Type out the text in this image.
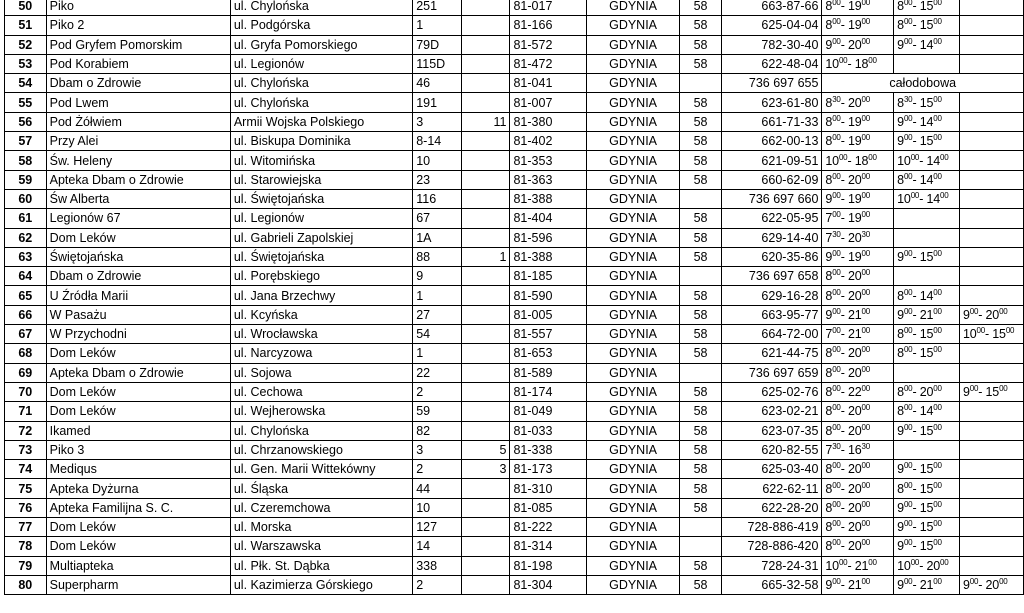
50	Piko	ul. Chylońska	251		81-017	GDYNIA	58	663-87-66	$8^{00}-$ $19^{00}$	$8^{00}-$ $15^{00}$	
51	Piko 2	ul. Podgórska	1		81-166	GDYNIA	58	625-04-04	$8^{00}-$ $19^{00}$	$8^{00}-$ $15^{00}$	
52	Pod Gryfem Pomorskim	ul. Gryfa Pomorskiego	79D		81-572	GDYNIA	58	782-30-40	$9^{00}-$ $20^{00}$	$9^{00}-$ $14^{00}$	
53	Pod Korabiem	ul. Legionów	115D		81-472	GDYNIA	58	622-48-04	$10^{00}-$ $18^{00}$		
54	Dbam o Zdrowie	ul. Chylońska	46		81-041	GDYNIA		736 697 655	całodobowa		
55	Pod Lwem	ul. Chylońska	191		81-007	GDYNIA	58	623-61-80	$8^{30}-$ $20^{00}$	$8^{30}-$ $15^{00}$	
56	Pod Żółwiem	Armii Wojska Polskiego	3	11	81-380	GDYNIA	58	661-71-33	$8^{00}-$ $19^{00}$	$9^{00}-$ $14^{00}$	
57	Przy Alei	ul. Biskupa Dominika	8-14		81-402	GDYNIA	58	662-00-13	$8^{00}-$ $19^{00}$	$9^{00}-$ $15^{00}$	
58	Św. Heleny	ul. Witomińska	10		81-353	GDYNIA	58	621-09-51	$10^{00}-$ $18^{00}$	$10^{00}-$ $14^{00}$	
59	Apteka Dbam o Zdrowie	ul. Starowiejska	23		81-363	GDYNIA	58	660-62-09	$8^{00}-$ $20^{00}$	$8^{00}-$ $14^{00}$	
60	Św Alberta	ul. Świętojańska	116		81-388	GDYNIA		736 697 660	$9^{00}-$ $19^{00}$	$10^{00}-$ $14^{00}$	
61	Legionów 67	ul. Legionów	67		81-404	GDYNIA	58	622-05-95	$7^{00}-$ $19^{00}$		
62	Dom Leków	ul. Gabrieli Zapolskiej	1A		81-596	GDYNIA	58	629-14-40	$7^{30}-$ $20^{30}$		
63	Świętojańska	ul. Świętojańska	88	1	81-388	GDYNIA	58	620-35-86	$9^{00}-$ $19^{00}$	$9^{00}-$ $15^{00}$	
64	Dbam o Zdrowie	ul. Porębskiego	9		81-185	GDYNIA		736 697 658	$8^{00}-$ $20^{00}$		
65	U Źródła Marii	ul. Jana Brzechwy	1		81-590	GDYNIA	58	629-16-28	$8^{00}-$ $20^{00}$	$8^{00}-$ $14^{00}$	
66	W Pasażu	ul. Kcyńska	27		81-005	GDYNIA	58	663-95-77	$9^{00}-$ $21^{00}$	$9^{00}-$ $21^{00}$	$9^{00}-$ $20^{00}$
67	W Przychodni	ul. Wrocławska	54		81-557	GDYNIA	58	664-72-00	$7^{00}-$ $21^{00}$	$8^{00}-$ $15^{00}$	$10^{00}-$ $15^{00}$
68	Dom Leków	ul. Narcyzowa	1		81-653	GDYNIA	58	621-44-75	$8^{00}-$ $20^{00}$	$8^{00}-$ $15^{00}$	
69	Apteka Dbam o Zdrowie	ul. Sojowa	22		81-589	GDYNIA		736 697 659	$8^{00}-$ $20^{00}$		
70	Dom Leków	ul. Cechowa	2		81-174	GDYNIA	58	625-02-76	$8^{00}-$ $22^{00}$	$8^{00}-$ $20^{00}$	$9^{00}-$ $15^{00}$
71	Dom Leków	ul. Wejherowska	59		81-049	GDYNIA	58	623-02-21	$8^{00}-$ $20^{00}$	$8^{00}-$ $14^{00}$	
72	Ikamed	ul. Chylońska	82		81-033	GDYNIA	58	623-07-35	$8^{00}-$ $20^{00}$	$9^{00}-$ $15^{00}$	
73	Piko 3	ul. Chrzanowskiego	3	5	81-338	GDYNIA	58	620-82-55	$7^{30}-$ $16^{30}$		
74	Mediqus	ul. Gen. Marii Wittekówny	2	3	81-173	GDYNIA	58	625-03-40	$8^{00}-$ $20^{00}$	$9^{00}-$ $15^{00}$	
75	Apteka Dyżurna	ul. Śląska	44		81-310	GDYNIA	58	622-62-11	$8^{00}-$ $20^{00}$	$8^{00}-$ $15^{00}$	
76	Apteka Familijna S. C.	ul. Czeremchowa	10		81-085	GDYNIA	58	622-28-20	$8^{00}-$ $20^{00}$	$9^{00}-$ $15^{00}$	
77	Dom Leków	ul. Morska	127		81-222	GDYNIA		728-886-419	$8^{00}-$ $20^{00}$	$9^{00}-$ $15^{00}$	
78	Dom Leków	ul. Warszawska	14		81-314	GDYNIA		728-886-420	$8^{00}-$ $20^{00}$	$9^{00}-$ $15^{00}$	
79	Multiapteka	ul. Płk. St. Dąbka	338		81-198	GDYNIA	58	728-24-31	$10^{00}-$ $21^{00}$	$10^{00}-$ $20^{00}$	
80	Superpharm	ul. Kazimierza Górskiego	2		81-304	GDYNIA	58	665-32-58	$9^{00}-$ $21^{00}$	$9^{00}-$ $21^{00}$	$9^{00}-$ $20^{00}$
